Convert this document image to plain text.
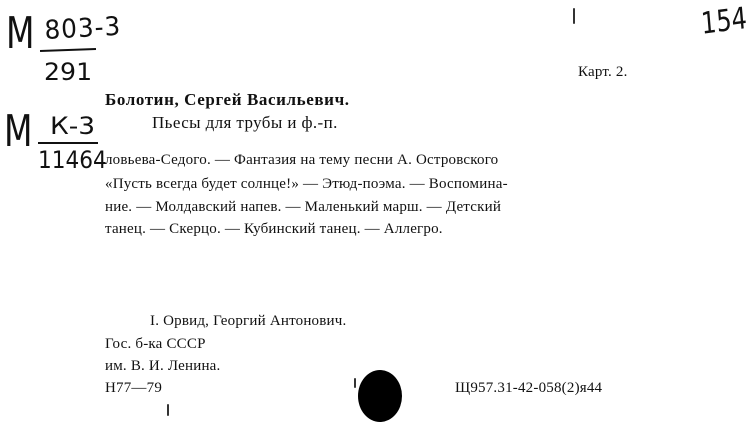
М 803-3
291
М К-3
11464
154
Карт. 2.
Болотин, Сергей Васильевич.
Пьесы для трубы и ф.-п.
ловьева-Седого. — Фантазия на тему песни А. Островского
«Пусть всегда будет солнце!» — Этюд-поэма. — Воспомина-
ние. — Молдавский напев. — Маленький марш. — Детский
танец. — Скерцо. — Кубинский танец. — Аллегро.
I. Орвид, Георгий Антонович.
Гос. б-ка СССР
им. В. И. Ленина.
Н77—79	Щ957.31-42-058(2)я44
